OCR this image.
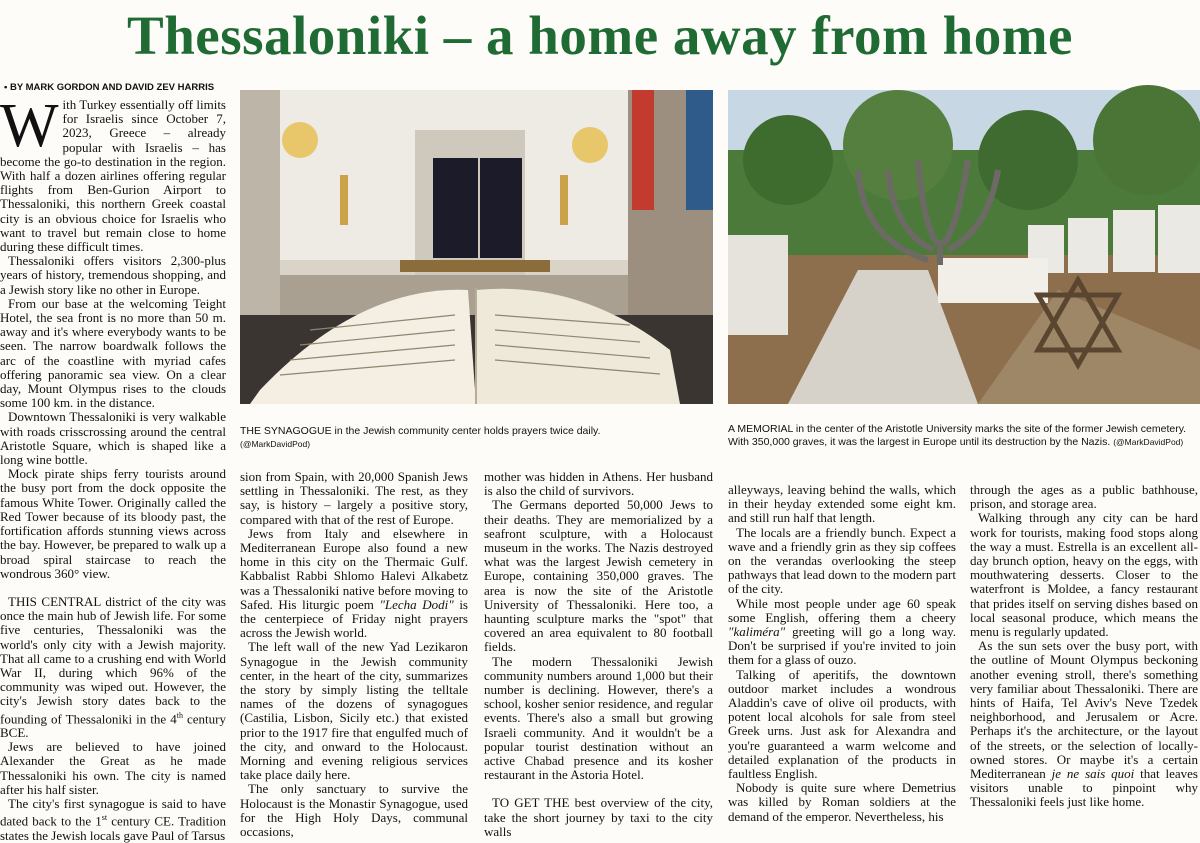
Thessaloniki – a home away from home
• BY MARK GORDON AND DAVID ZEV HARRIS

With Turkey essentially off limits for Israelis since October 7, 2023, Greece – already popular with Israelis – has become the go-to destination in the region. With half a dozen airlines offering regular flights from Ben-Gurion Airport to Thessaloniki, this northern Greek coastal city is an obvious choice for Israelis who want to travel but remain close to home during these difficult times.

Thessaloniki offers visitors 2,300-plus years of history, tremendous shopping, and a Jewish story like no other in Europe.

From our base at the welcoming Teight Hotel, the sea front is no more than 50 m. away and it's where everybody wants to be seen. The narrow boardwalk follows the arc of the coastline with myriad cafes offering panoramic sea view. On a clear day, Mount Olympus rises to the clouds some 100 km. in the distance.

Downtown Thessaloniki is very walkable with roads crisscrossing around the central Aristotle Square, which is shaped like a long wine bottle.

Mock pirate ships ferry tourists around the busy port from the dock opposite the famous White Tower. Originally called the Red Tower because of its bloody past, the fortification affords stunning views across the bay. However, be prepared to walk up a broad spiral staircase to reach the wondrous 360° view.

THIS CENTRAL district of the city was once the main hub of Jewish life. For some five centuries, Thessaloniki was the world's only city with a Jewish majority. That all came to a crushing end with World War II, during which 96% of the community was wiped out. However, the city's Jewish story dates back to the founding of Thessaloniki in the 4th century BCE.

Jews are believed to have joined Alexander the Great as he made Thessaloniki his own. The city is named after his half sister.

The city's first synagogue is said to have dated back to the 1st century CE. Tradition states the Jewish locals gave Paul of Tarsus

THE SYNAGOGUE in the Jewish community center holds prayers twice daily.
(@MarkDavidPod)
A MEMORIAL in the center of the Aristotle University marks the site of the former Jewish cemetery. With 350,000 graves, it was the largest in Europe until its destruction by the Nazis. (@MarkDavidPod)

sion from Spain, with 20,000 Spanish Jews settling in Thessaloniki. The rest, as they say, is history – largely a positive story, compared with that of the rest of Europe.

Jews from Italy and elsewhere in Mediterranean Europe also found a new home in this city on the Thermaic Gulf. Kabbalist Rabbi Shlomo Halevi Alkabetz was a Thessaloniki native before moving to Safed. His liturgic poem "Lecha Dodi" is the centerpiece of Friday night prayers across the Jewish world.

The left wall of the new Yad Lezikaron Synagogue in the Jewish community center, in the heart of the city, summarizes the story by simply listing the telltale names of the dozens of synagogues (Castilia, Lisbon, Sicily etc.) that existed prior to the 1917 fire that engulfed much of the city, and onward to the Holocaust. Morning and evening religious services take place daily here.

The only sanctuary to survive the Holocaust is the Monastir Synagogue, used for the High Holy Days, communal occasions,

mother was hidden in Athens. Her husband is also the child of survivors.

The Germans deported 50,000 Jews to their deaths. They are memorialized by a seafront sculpture, with a Holocaust museum in the works. The Nazis destroyed what was the largest Jewish cemetery in Europe, containing 350,000 graves. The area is now the site of the Aristotle University of Thessaloniki. Here too, a haunting sculpture marks the "spot" that covered an area equivalent to 80 football fields.

The modern Thessaloniki Jewish community numbers around 1,000 but their number is declining. However, there's a school, kosher senior residence, and regular events. There's also a small but growing Israeli community. And it wouldn't be a popular tourist destination without an active Chabad presence and its kosher restaurant in the Astoria Hotel.

TO GET THE best overview of the city, take the short journey by taxi to the city walls

alleyways, leaving behind the walls, which in their heyday extended some eight km. and still run half that length.

The locals are a friendly bunch. Expect a wave and a friendly grin as they sip coffees on the verandas overlooking the steep pathways that lead down to the modern part of the city.

While most people under age 60 speak some English, offering them a cheery "kaliméra" greeting will go a long way. Don't be surprised if you're invited to join them for a glass of ouzo.

Talking of aperitifs, the downtown outdoor market includes a wondrous Aladdin's cave of olive oil products, with potent local alcohols for sale from steel Greek urns. Just ask for Alexandra and you're guaranteed a warm welcome and detailed explanation of the products in faultless English.

Nobody is quite sure where Demetrius was killed by Roman soldiers at the demand of the emperor. Nevertheless, his

through the ages as a public bathhouse, prison, and storage area.

Walking through any city can be hard work for tourists, making food stops along the way a must. Estrella is an excellent all-day brunch option, heavy on the eggs, with mouthwatering desserts. Closer to the waterfront is Moldee, a fancy restaurant that prides itself on serving dishes based on local seasonal produce, which means the menu is regularly updated.

As the sun sets over the busy port, with the outline of Mount Olympus beckoning another evening stroll, there's something very familiar about Thessaloniki. There are hints of Haifa, Tel Aviv's Neve Tzedek neighborhood, and Jerusalem or Acre. Perhaps it's the architecture, or the layout of the streets, or the selection of locally-owned stores. Or maybe it's a certain Mediterranean je ne sais quoi that leaves visitors unable to pinpoint why Thessaloniki feels just like home.
